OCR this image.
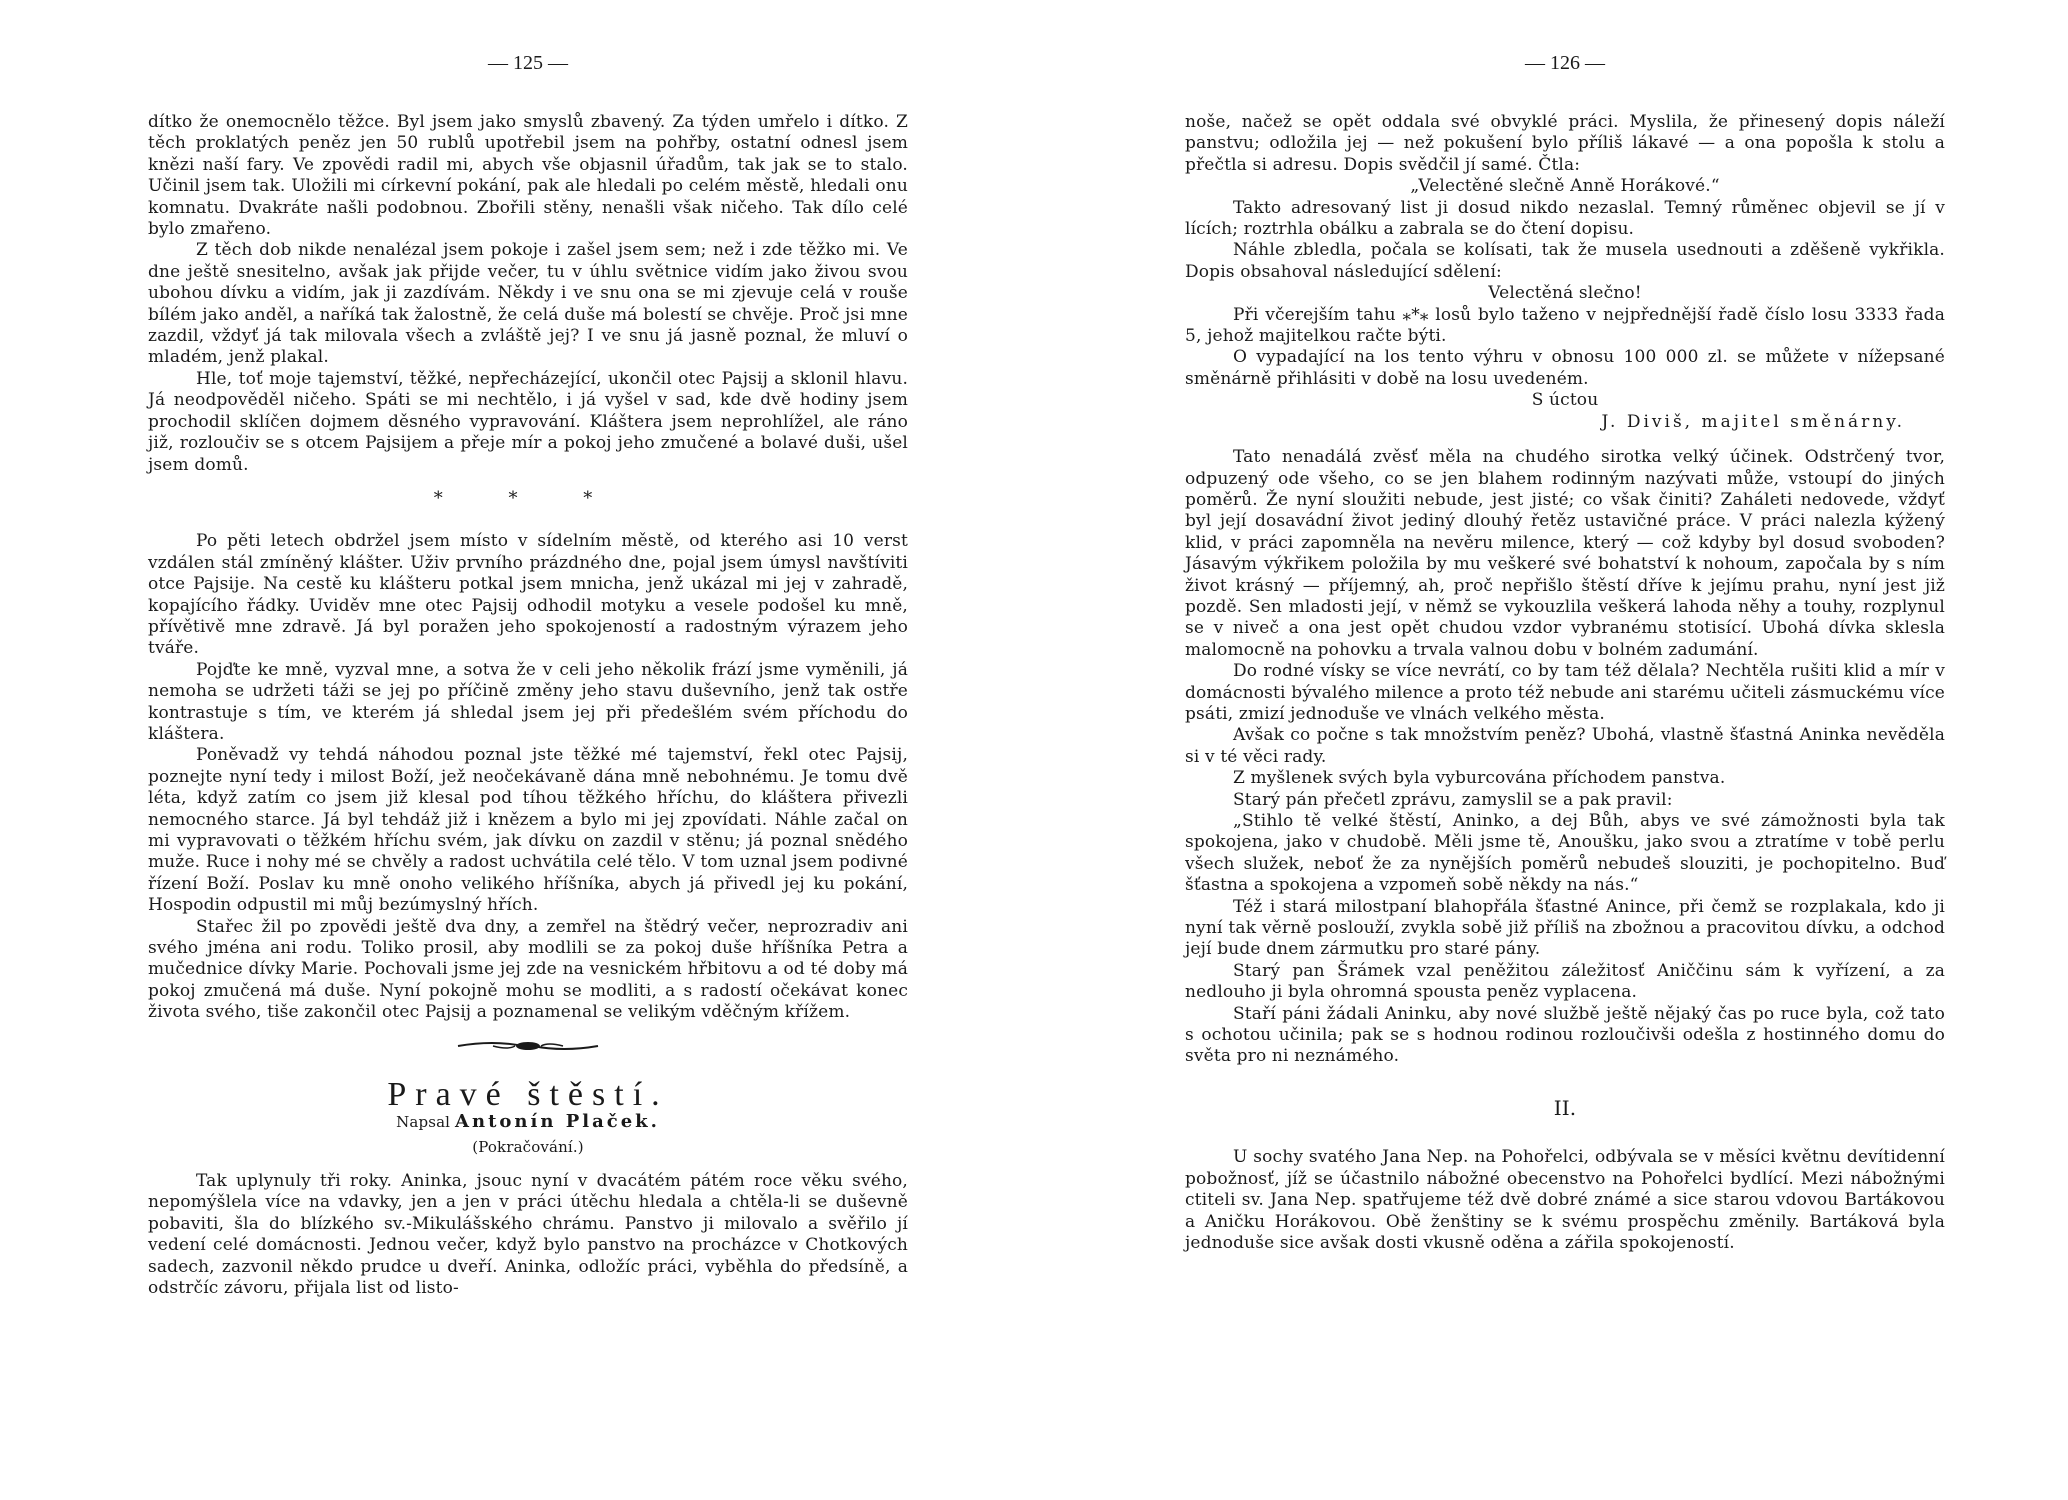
— 125 —

dítko že onemocnělo těžce. Byl jsem jako smyslů zbavený. Za týden umřelo i dítko. Z těch proklatých peněz jen 50 rublů upotřebil jsem na pohřby, ostatní odnesl jsem knězi naší fary. Ve zpovědi radil mi, abych vše objasnil úřadům, tak jak se to stalo. Učinil jsem tak. Uložili mi církevní pokání, pak ale hledali po celém městě, hledali onu komnatu. Dvakráte našli podobnou. Zbořili stěny, nenašli však ničeho. Tak dílo celé bylo zmařeno.

Z těch dob nikde nenalézal jsem pokoje i zašel jsem sem; než i zde těžko mi. Ve dne ještě snesitelno, avšak jak přijde večer, tu v úhlu světnice vidím jako živou svou ubohou dívku a vidím, jak ji zazdívám. Někdy i ve snu ona se mi zjevuje celá v rouše bílém jako anděl, a naříká tak žalostně, že celá duše má bolestí se chvěje. Proč jsi mne zazdil, vždyť já tak milovala všech a zvláště jej? I ve snu já jasně poznal, že mluví o mladém, jenž plakal.

Hle, toť moje tajemství, těžké, nepřecházející, ukončil otec Pajsij a sklonil hlavu. Já neodpověděl ničeho. Spáti se mi nechtělo, i já vyšel v sad, kde dvě hodiny jsem prochodil sklíčen dojmem děsného vypravování. Kláštera jsem neprohlížel, ale ráno již, rozloučiv se s otcem Pajsijem a přeje mír a pokoj jeho zmučené a bolavé duši, ušel jsem domů.

* * *

Po pěti letech obdržel jsem místo v sídelním městě, od kterého asi 10 verst vzdálen stál zmíněný klášter. Uživ prvního prázdného dne, pojal jsem úmysl navštíviti otce Pajsije. Na cestě ku klášteru potkal jsem mnicha, jenž ukázal mi jej v zahradě, kopajícího řádky. Uviděv mne otec Pajsij odhodil motyku a vesele podošel ku mně, přívětivě mne zdravě. Já byl poražen jeho spokojeností a radostným výrazem jeho tváře.

Pojďte ke mně, vyzval mne, a sotva že v celi jeho několik frází jsme vyměnili, já nemoha se udržeti táži se jej po příčině změny jeho stavu duševního, jenž tak ostře kontrastuje s tím, ve kterém já shledal jsem jej při předešlém svém příchodu do kláštera.

Poněvadž vy tehdá náhodou poznal jste těžké mé tajemství, řekl otec Pajsij, poznejte nyní tedy i milost Boží, jež neočekávaně dána mně nebohnému. Je tomu dvě léta, když zatím co jsem již klesal pod tíhou těžkého hříchu, do kláštera přivezli nemocného starce. Já byl tehdáž již i knězem a bylo mi jej zpovídati. Náhle začal on mi vypravovati o těžkém hříchu svém, jak dívku on zazdil v stěnu; já poznal snědého muže. Ruce i nohy mé se chvěly a radost uchvátila celé tělo. V tom uznal jsem podivné řízení Boží. Poslav ku mně onoho velikého hříšníka, abych já přivedl jej ku pokání, Hospodin odpustil mi můj bezúmyslný hřích.

Stařec žil po zpovědi ještě dva dny, a zemřel na štědrý večer, neprozradiv ani svého jména ani rodu. Toliko prosil, aby modlili se za pokoj duše hříšníka Petra a mučednice dívky Marie. Pochovali jsme jej zde na vesnickém hřbitovu a od té doby má pokoj zmučená má duše. Nyní pokojně mohu se modliti, a s radostí očekávat konec života svého, tiše zakončil otec Pajsij a poznamenal se velikým vděčným křížem.

Pravé štěstí.
Napsal Antonín Plaček.
(Pokračování.)

Tak uplynuly tři roky. Aninka, jsouc nyní v dvacátém pátém roce věku svého, nepomýšlela více na vdavky, jen a jen v práci útěchu hledala a chtěla-li se duševně pobaviti, šla do blízkého sv.-Mikulášského chrámu. Panstvo ji milovalo a svěřilo jí vedení celé domácnosti. Jednou večer, když bylo panstvo na procházce v Chotkových sadech, zazvonil někdo prudce u dveří. Aninka, odložíc práci, vyběhla do předsíně, a odstrčíc závoru, přijala list od listo-

— 126 —

noše, načež se opět oddala své obvyklé práci. Myslila, že přinesený dopis náleží panstvu; odložila jej — než pokušení bylo příliš lákavé — a ona popošla k stolu a přečtla si adresu. Dopis svědčil jí samé. Čtla:

„Velectěné slečně Anně Horákové.“

Takto adresovaný list ji dosud nikdo nezaslal. Temný růměnec objevil se jí v lících; roztrhla obálku a zabrala se do čtení dopisu.

Náhle zbledla, počala se kolísati, tak že musela usednouti a zděšeně vykřikla. Dopis obsahoval následující sdělení:

Velectěná slečno!

Při včerejším tahu ⁎*⁎ losů bylo taženo v nejpřednější řadě číslo losu 3333 řada 5, jehož majitelkou račte býti.

O vypadající na los tento výhru v obnosu 100 000 zl. se můžete v nížepsané směnárně přihlásiti v době na losu uvedeném.

S úctou

J. Diviš, majitel směnárny.

Tato nenadálá zvěsť měla na chudého sirotka velký účinek. Odstrčený tvor, odpuzený ode všeho, co se jen blahem rodinným nazývati může, vstoupí do jiných poměrů. Že nyní sloužiti nebude, jest jisté; co však činiti? Zaháleti nedovede, vždyť byl její dosavádní život jediný dlouhý řetěz ustavičné práce. V práci nalezla kýžený klid, v práci zapomněla na nevěru milence, který — což kdyby byl dosud svoboden? Jásavým výkřikem položila by mu veškeré své bohatství k nohoum, započala by s ním život krásný — příjemný, ah, proč nepřišlo štěstí dříve k jejímu prahu, nyní jest již pozdě. Sen mladosti její, v němž se vykouzlila veškerá lahoda něhy a touhy, rozplynul se v niveč a ona jest opět chudou vzdor vybranému stotisící. Ubohá dívka sklesla malomocně na pohovku a trvala valnou dobu v bolném zadumání.

Do rodné vísky se více nevrátí, co by tam též dělala? Nechtěla rušiti klid a mír v domácnosti bývalého milence a proto též nebude ani starému učiteli zásmuckému více psáti, zmizí jednoduše ve vlnách velkého města.

Avšak co počne s tak množstvím peněz? Ubohá, vlastně šťastná Aninka nevěděla si v té věci rady.

Z myšlenek svých byla vyburcována příchodem panstva.

Starý pán přečetl zprávu, zamyslil se a pak pravil:

„Stihlo tě velké štěstí, Aninko, a dej Bůh, abys ve své zámožnosti byla tak spokojena, jako v chudobě. Měli jsme tě, Anoušku, jako svou a ztratíme v tobě perlu všech služek, neboť že za nynějších poměrů nebudeš slouziti, je pochopitelno. Buď šťastna a spokojena a vzpomeň sobě někdy na nás.“

Též i stará milostpaní blahopřála šťastné Anince, při čemž se rozplakala, kdo ji nyní tak věrně poslouží, zvykla sobě již příliš na zbožnou a pracovitou dívku, a odchod její bude dnem zármutku pro staré pány.

Starý pan Šrámek vzal peněžitou záležitosť Aniččinu sám k vyřízení, a za nedlouho ji byla ohromná spousta peněz vyplacena.

Staří páni žádali Aninku, aby nové službě ještě nějaký čas po ruce byla, což tato s ochotou učinila; pak se s hodnou rodinou rozloučivši odešla z hostinného domu do světa pro ni neznámého.

II.

U sochy svatého Jana Nep. na Pohořelci, odbývala se v měsíci květnu devítidenní pobožnosť, jíž se účastnilo nábožné obecenstvo na Pohořelci bydlící. Mezi nábožnými ctiteli sv. Jana Nep. spatřujeme též dvě dobré známé a sice starou vdovou Bartákovou a Aničku Horákovou. Obě ženštiny se k svému prospěchu změnily. Bartáková byla jednoduše sice avšak dosti vkusně oděna a zářila spokojeností.
